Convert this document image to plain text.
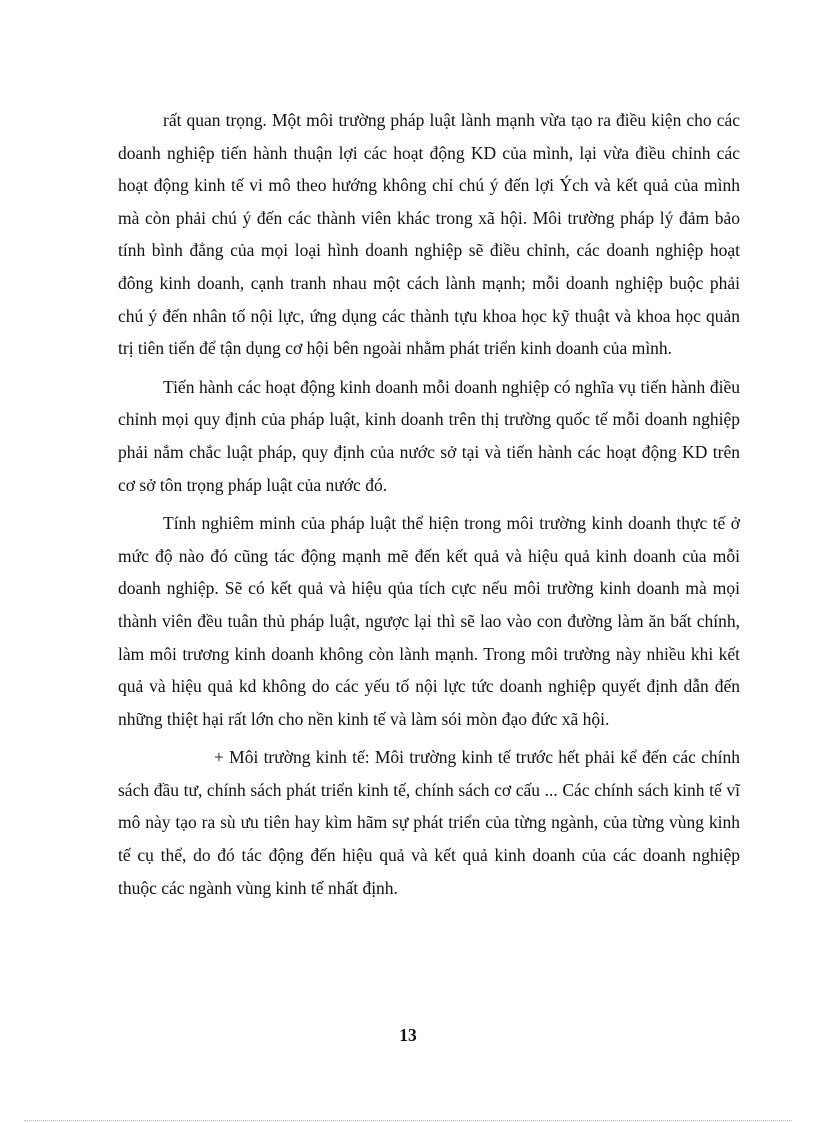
rất quan trọng. Một môi trường pháp luật lành mạnh vừa tạo ra điều kiện cho các doanh nghiệp tiến hành thuận lợi các hoạt động KD của mình, lại vừa điều chỉnh các hoạt động kinh tế vi mô theo hướng không chỉ chú ý đến lợi Ých và kết quả của mình mà còn phải chú ý đến các thành viên khác trong xã hội. Môi trường pháp lý đảm bảo tính bình đẳng của mọi loại hình doanh nghiệp sẽ điều chỉnh, các doanh nghiệp hoạt đông kinh doanh, cạnh tranh nhau một cách lành mạnh; mỗi doanh nghiệp buộc phải chú ý đến nhân tố nội lực, ứng dụng các thành tựu khoa học kỹ thuật và khoa học quản trị tiên tiến để tận dụng cơ hội bên ngoài nhằm phát triển kinh doanh của mình.

Tiến hành các hoạt động kinh doanh mỗi doanh nghiệp có nghĩa vụ tiến hành điều chỉnh mọi quy định của pháp luật, kinh doanh trên thị trường quốc tế mỗi doanh nghiệp phải nắm chắc luật pháp, quy định của nước sở tại và tiến hành các hoạt động KD trên cơ sở tôn trọng pháp luật của nước đó.

Tính nghiêm minh của pháp luật thể hiện trong môi trường kinh doanh thực tế ở mức độ nào đó cũng tác động mạnh mẽ đến kết quả và hiệu quả kinh doanh của mỗi doanh nghiệp. Sẽ có kết quả và hiệu qủa tích cực nếu môi trường kinh doanh mà mọi thành viên đều tuân thủ pháp luật, ngược lại thì sẽ lao vào con đường làm ăn bất chính, làm môi trương kinh doanh không còn lành mạnh. Trong môi trường này nhiều khi kết quả và hiệu quả kd không do các yếu tố nội lực tức doanh nghiệp quyết định dẫn đến những thiệt hại rất lớn cho nền kinh tế và làm sói mòn đạo đức xã hội.

+ Môi trường kinh tế: Môi trường kinh tế trước hết phải kể đến các chính sách đầu tư, chính sách phát triển kinh tế, chính sách cơ cấu ... Các chính sách kinh tế vĩ mô này tạo ra sù ưu tiên hay kìm hãm sự phát triển của từng ngành, của từng vùng kinh tế cụ thể, do đó tác động đến hiệu quả và kết quả kinh doanh của các doanh nghiệp thuộc các ngành vùng kinh tế nhất định.

13
